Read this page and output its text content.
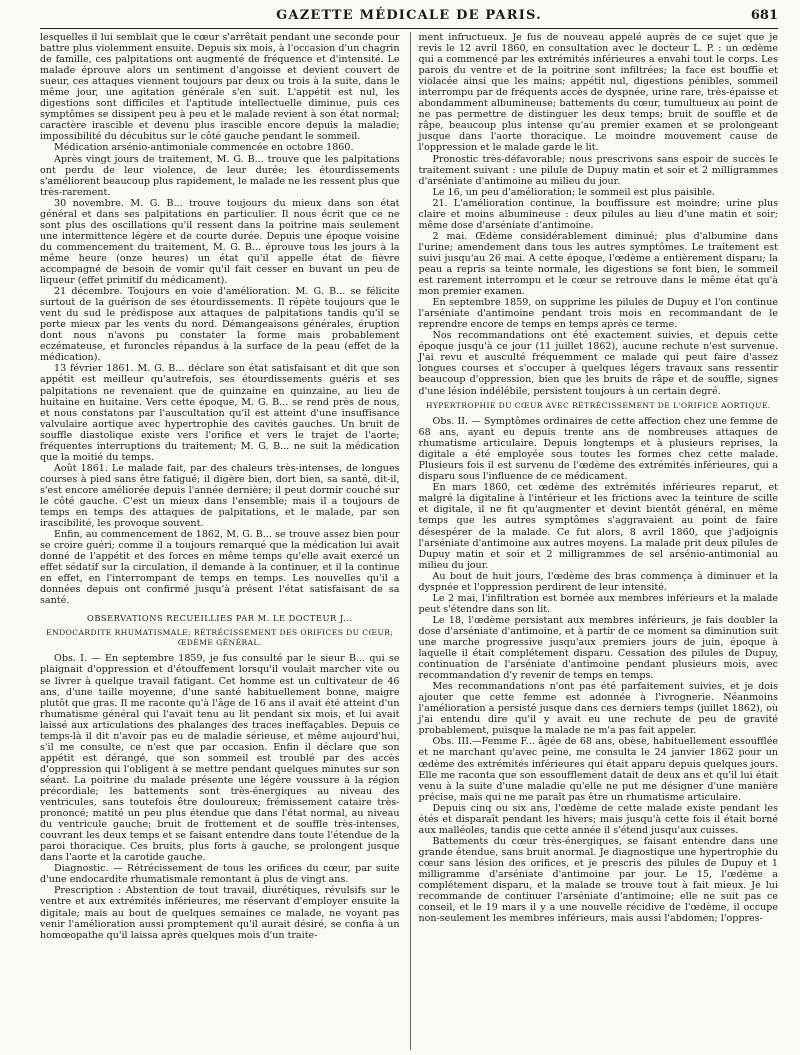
GAZETTE MÉDICALE DE PARIS.	681

lesquelles il lui semblait que le cœur s'arrêtait pendant une seconde pour battre plus violemment ensuite. Depuis six mois, à l'occasion d'un chagrin de famille, ces palpitations ont augmenté de fréquence et d'intensité. Le malade éprouve alors un sentiment d'angoisse et devient couvert de sueur, ces attaques viennent toujours par deux ou trois à la suite, dans le même jour, une agitation générale s'en suit. L'appétit est nul, les digestions sont difficiles et l'aptitude intellectuelle diminue, puis ces symptômes se dissipent peu à peu et le malade revient à son état normal; caractère irascible et devenu plus irascible encore depuis la maladie; impossibilité du décubitus sur le côté gauche pendant le sommeil.

Médication arsénio-antimoniale commencée en octobre 1860.

Après vingt jours de traitement, M. G. B... trouve que les palpitations ont perdu de leur violence, de leur durée; les étourdissements s'améliorent beaucoup plus rapidement, le malade ne les ressent plus que très-rarement.

30 novembre. M. G. B... trouve toujours du mieux dans son état général et dans ses palpitations en particulier. Il nous écrit que ce ne sont plus des oscillations qu'il ressent dans la poitrine mais seulement une intermittence légère et de courte durée. Depuis une époque voisine du commencement du traitement, M. G. B... éprouve tous les jours à la même heure (onze heures) un état qu'il appelle état de fièvre accompagné de besoin de vomir qu'il fait cesser en buvant un peu de liqueur (effet primitif du médicament).

21 décembre. Toujours en voie d'amélioration. M. G. B... se félicite surtout de la guérison de ses étourdissements. Il répète toujours que le vent du sud le prédispose aux attaques de palpitations tandis qu'il se porte mieux par les vents du nord. Démangeaisons générales, éruption dont nous n'avons pu constater la forme mais probablement eczémateuse, et furoncles répandus à la surface de la peau (effet de la médication).

13 février 1861. M. G. B... déclare son état satisfaisant et dit que son appétit est meilleur qu'autrefois, ses étourdissements guéris et ses palpitations ne revenaient que de quinzaine en quinzaine, au lieu de huitaine en huitaine. Vers cette époque, M. G. B... se rend près de nous, et nous constatons par l'auscultation qu'il est atteint d'une insuffisance valvulaire aortique avec hypertrophie des cavités gauches. Un bruit de souffle diastolique existe vers l'orifice et vers le trajet de l'aorte; fréquentes interruptions du traitement; M. G. B... ne suit la médication que la moitié du temps.

Août 1861. Le malade fait, par des chaleurs très-intenses, de longues courses à pied sans être fatigué; il digère bien, dort bien, sa santé, dit-il, s'est encore améliorée depuis l'année dernière; il peut dormir couché sur le côté gauche. C'est un mieux dans l'ensemble; mais il a toujours de temps en temps des attaques de palpitations, et le malade, par son irascibilité, les provoque souvent.

Enfin, au commencement de 1862, M. G. B... se trouve assez bien pour se croire guéri; comme il a toujours remarqué que la médication lui avait donné de l'appétit et des forces en même temps qu'elle avait exercé un effet sédatif sur la circulation, il demande à la continuer, et il la continue en effet, en l'interrompant de temps en temps. Les nouvelles qu'il a données depuis ont confirmé jusqu'à présent l'état satisfaisant de sa santé.

OBSERVATIONS RECUEILLIES PAR M. LE DOCTEUR J...
ENDOCARDITE RHUMATISMALE; RÉTRÉCISSEMENT DES ORIFICES DU CŒUR;
ŒDÈME GÉNÉRAL.

Obs. I. — En septembre 1859, je fus consulté par le sieur B... qui se plaignait d'oppression et d'étouffement lorsqu'il voulait marcher vite ou se livrer à quelque travail fatigant. Cet homme est un cultivateur de 46 ans, d'une taille moyenne, d'une santé habituellement bonne, maigre plutôt que gras. Il me raconte qu'à l'âge de 16 ans il avait été atteint d'un rhumatisme général qui l'avait tenu au lit pendant six mois, et lui avait laissé aux articulations des phalanges des traces ineffaçables. Depuis ce temps-là il dit n'avoir pas eu de maladie sérieuse, et même aujourd'hui, s'il me consulte, ce n'est que par occasion. Enfin il déclare que son appétit est dérangé, que son sommeil est troublé par des accès d'oppression qui l'obligent à se mettre pendant quelques minutes sur son séant. La poitrine du malade présente une légère voussure à la région précordiale; les battements sont très-énergiques au niveau des ventricules, sans toutefois être douloureux; frémissement cataire très-prononcé; matité un peu plus étendue que dans l'état normal, au niveau du ventricule gauche; bruit de frottement et de souffle très-intenses, couvrant les deux temps et se faisant entendre dans toute l'étendue de la paroi thoracique. Ces bruits, plus forts à gauche, se prolongent jusque dans l'aorte et la carotide gauche.

Diagnostic. — Rétrécissement de tous les orifices du cœur, par suite d'une endocardite rhumatismale remontant à plus de vingt ans.

Prescription : Abstention de tout travail, diurétiques, révulsifs sur le ventre et aux extrémités inférieures, me réservant d'employer ensuite la digitale; mais au bout de quelques semaines ce malade, ne voyant pas venir l'amélioration aussi promptement qu'il aurait désiré, se confia à un homœopathe qu'il laissa après quelques mois d'un traite-

ment infructueux. Je fus de nouveau appelé auprès de ce sujet que je revis le 12 avril 1860, en consultation avec le docteur L. P. : un œdème qui a commencé par les extrémités inférieures a envahi tout le corps. Les parois du ventre et de la poitrine sont infiltrées; la face est bouffie et violacée ainsi que les mains; appétit nul, digestions pénibles, sommeil interrompu par de fréquents accès de dyspnée, urine rare, très-épaisse et abondamment albumineuse; battements du cœur, tumultueux au point de ne pas permettre de distinguer les deux temps; bruit de souffle et de râpe, beaucoup plus intense qu'au premier examen et se prolongeant jusque dans l'aorte thoracique. Le moindre mouvement cause de l'oppression et le malade garde le lit.

Pronostic très-défavorable; nous prescrivons sans espoir de succès le traitement suivant : une pilule de Dupuy matin et soir et 2 milligrammes d'arséniate d'antimoine au milieu du jour.

Le 16, un peu d'amélioration; le sommeil est plus paisible.

21. L'amélioration continue, la bouffissure est moindre; urine plus claire et moins albumineuse : deux pilules au lieu d'une matin et soir; même dose d'arséniate d'antimoine.

2 mai. Œdème considérablement diminué; plus d'albumine dans l'urine; amendement dans tous les autres symptômes. Le traitement est suivi jusqu'au 26 mai. A cette époque, l'œdème a entièrement disparu; la peau a repris sa teinte normale, les digestions se font bien, le sommeil est rarement interrompu et le cœur se retrouve dans le même état qu'à mon premier examen.

En septembre 1859, on supprime les pilules de Dupuy et l'on continue l'arséniate d'antimoine pendant trois mois en recommandant de le reprendre encore de temps en temps après ce terme.

Nos recommandations ont été exactement suivies, et depuis cette époque jusqu'à ce jour (11 juillet 1862), aucune rechute n'est survenue. J'ai revu et ausculté fréquemment ce malade qui peut faire d'assez longues courses et s'occuper à quelques légers travaux sans ressentir beaucoup d'oppression, bien que les bruits de râpe et de souffle, signes d'une lésion indélébile, persistent toujours à un certain degré.

HYPERTROPHIE DU CŒUR AVEC RÉTRÉCISSEMENT DE L'ORIFICE AORTIQUE.

Obs. II. — Symptômes ordinaires de cette affection chez une femme de 68 ans, ayant eu depuis trente ans de nombreuses attaques de rhumatisme articulaire. Depuis longtemps et à plusieurs reprises, la digitale a été employée sous toutes les formes chez cette malade. Plusieurs fois il est survenu de l'œdème des extrémités inférieures, qui a disparu sous l'influence de ce médicament.

En mars 1860, cet œdème des extrémités inférieures reparut, et malgré la digitaline à l'intérieur et les frictions avec la teinture de scille et digitale, il ne fit qu'augmenter et devint bientôt général, en même temps que les autres symptômes s'aggravaient au point de faire désespérer de la malade. Ce fut alors, 8 avril 1860, que j'adjoignis l'arséniate d'antimoine aux autres moyens. La malade prit deux pilules de Dupuy matin et soir et 2 milligrammes de sel arsénio-antimonial au milieu du jour.

Au bout de huit jours, l'œdème des bras commença à diminuer et la dyspnée et l'oppression perdirent de leur intensité.

Le 2 mai, l'infiltration est bornée aux membres inférieurs et la malade peut s'étendre dans son lit.

Le 18, l'œdème persistant aux membres inférieurs, je fais doubler la dose d'arséniate d'antimoine, et à partir de ce moment sa diminution suit une marche progressive jusqu'aux premiers jours de juin, époque à laquelle il était complétement disparu. Cessation des pilules de Dupuy, continuation de l'arséniate d'antimoine pendant plusieurs mois, avec recommandation d'y revenir de temps en temps.

Mes recommandations n'ont pas été parfaitement suivies, et je dois ajouter que cette femme est adonnée à l'ivrognerie. Néanmoins l'amélioration a persisté jusque dans ces derniers temps (juillet 1862), où j'ai entendu dire qu'il y avait eu une rechute de peu de gravité probablement, puisque la malade ne m'a pas fait appeler.

Obs. III.—Femme F... âgée de 68 ans, obèse, habituellement essoufflée et ne marchant qu'avec peine, me consulta le 24 janvier 1862 pour un œdème des extrémités inférieures qui était apparu depuis quelques jours. Elle me raconta que son essoufflement datait de deux ans et qu'il lui était venu à la suite d'une maladie qu'elle ne put me désigner d'une manière précise, mais qui ne me paraît pas être un rhumatisme articulaire.

Depuis cinq ou six ans, l'œdème de cette malade existe pendant les étés et disparaît pendant les hivers; mais jusqu'à cette fois il était borné aux malléoles, tandis que cette année il s'étend jusqu'aux cuisses.

Battements du cœur très-énergiques, se faisant entendre dans une grande étendue, sans bruit anormal. Je diagnostique une hypertrophie du cœur sans lésion des orifices, et je prescris des pilules de Dupuy et 1 milligramme d'arséniate d'antimoine par jour. Le 15, l'œdème a complétement disparu, et la malade se trouve tout à fait mieux. Je lui recommande de continuer l'arséniate d'antimoine; elle ne suit pas ce conseil, et le 19 mars il y a une nouvelle récidive de l'œdème, il occupe non-seulement les membres inférieurs, mais aussi l'abdomen; l'oppres-
